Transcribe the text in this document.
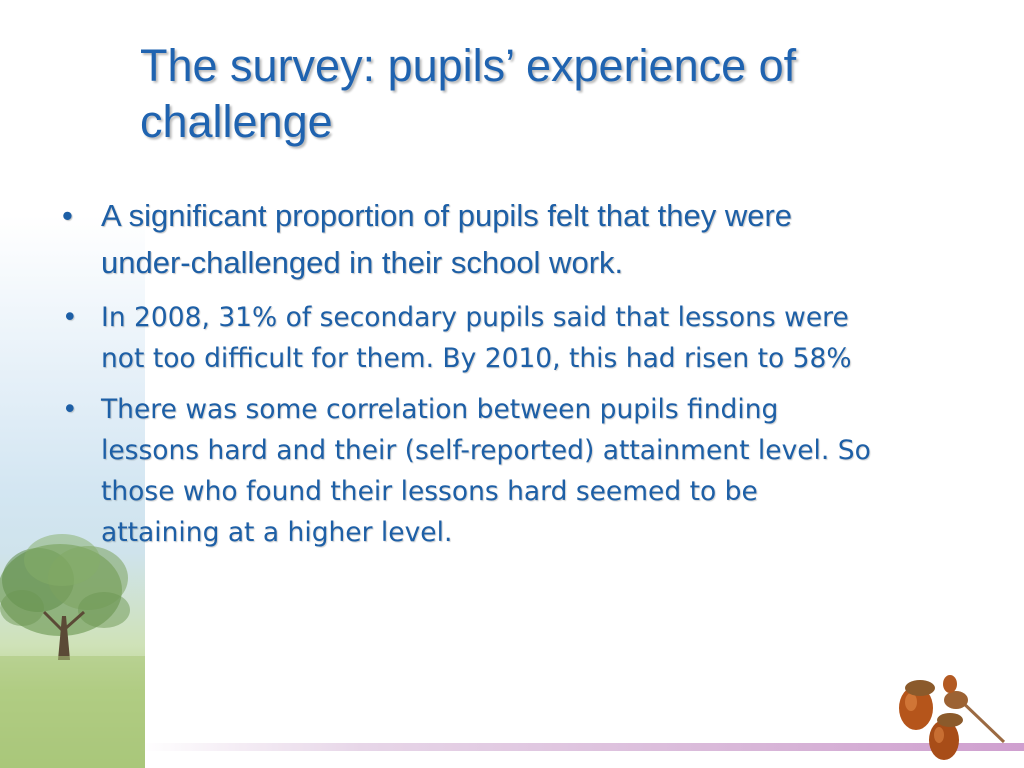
The survey: pupils’ experience of challenge
• A significant proportion of pupils felt that they were under-challenged in their school work.
• In 2008, 31% of secondary pupils said that lessons were not too difficult for them. By 2010, this had risen to 58%
• There was some correlation between pupils finding lessons hard and their (self-reported) attainment level. So those who found their lessons hard seemed to be attaining at a higher level.
